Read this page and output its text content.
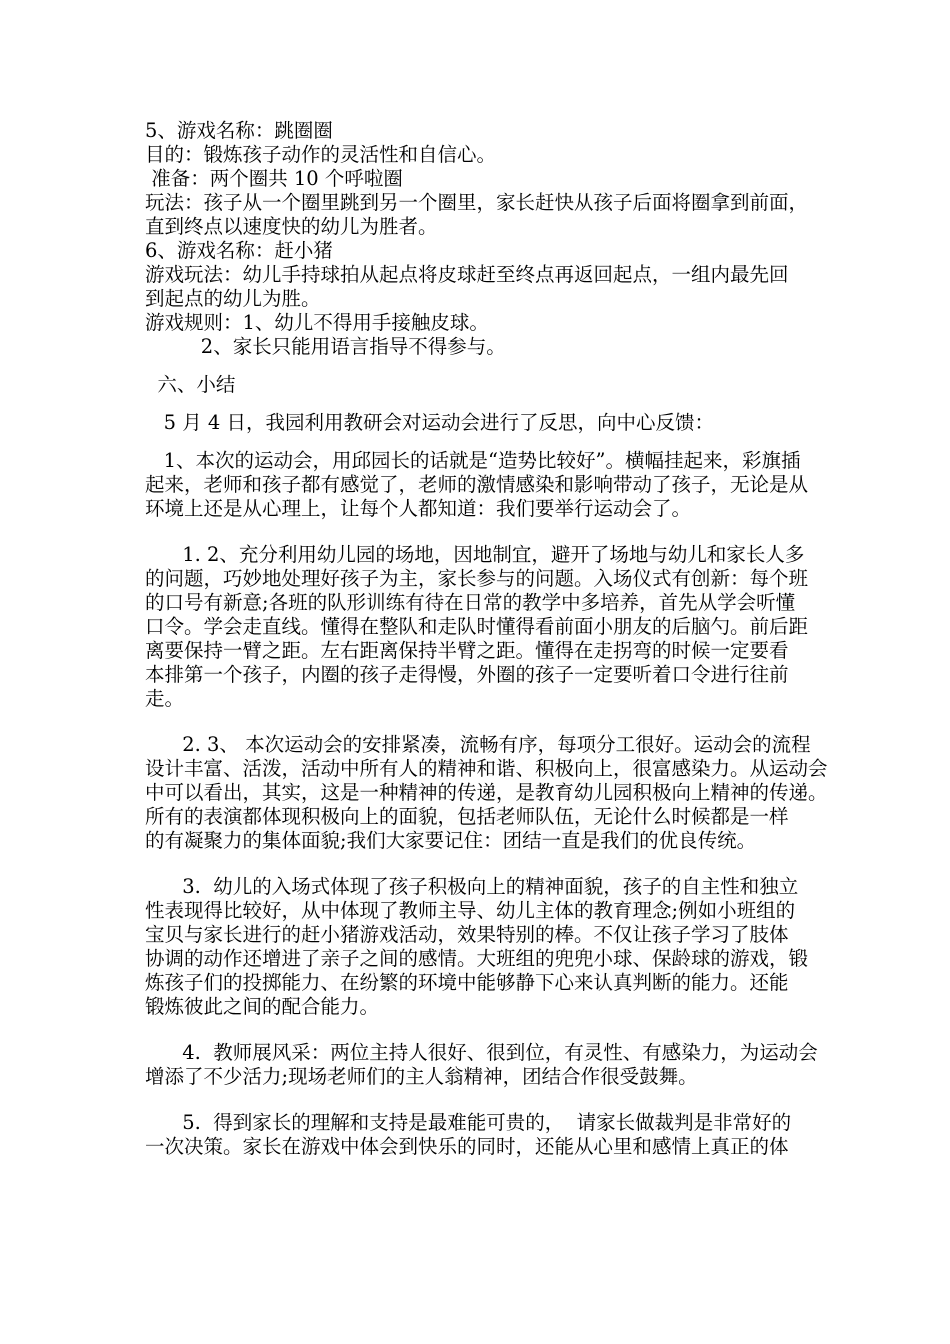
5、游戏名称：跳圈圈
目的：锻炼孩子动作的灵活性和自信心。
准备：两个圈共 10 个呼啦圈
玩法：孩子从一个圈里跳到另一个圈里，家长赶快从孩子后面将圈拿到前面，
直到终点以速度快的幼儿为胜者。
6、游戏名称：赶小猪
游戏玩法：幼儿手持球拍从起点将皮球赶至终点再返回起点，一组内最先回
到起点的幼儿为胜。
游戏规则：1、幼儿不得用手接触皮球。
2、家长只能用语言指导不得参与。
六、小结
5 月 4 日，我园利用教研会对运动会进行了反思，向中心反馈：
1、本次的运动会，用邱园长的话就是“造势比较好”。横幅挂起来，彩旗插
起来，老师和孩子都有感觉了，老师的激情感染和影响带动了孩子，无论是从
环境上还是从心理上，让每个人都知道：我们要举行运动会了。
1. 2、充分利用幼儿园的场地，因地制宜，避开了场地与幼儿和家长人多
的问题，巧妙地处理好孩子为主，家长参与的问题。入场仪式有创新：每个班
的口号有新意;各班的队形训练有待在日常的教学中多培养，首先从学会听懂
口令。学会走直线。懂得在整队和走队时懂得看前面小朋友的后脑勺。前后距
离要保持一臂之距。左右距离保持半臂之距。懂得在走拐弯的时候一定要看
本排第一个孩子，内圈的孩子走得慢，外圈的孩子一定要听着口令进行往前
走。
2. 3、 本次运动会的安排紧凑，流畅有序，每项分工很好。运动会的流程
设计丰富、活泼，活动中所有人的精神和谐、积极向上，很富感染力。从运动会
中可以看出，其实，这是一种精神的传递，是教育幼儿园积极向上精神的传递。
所有的表演都体现积极向上的面貌，包括老师队伍，无论什么时候都是一样
的有凝聚力的集体面貌;我们大家要记住：团结一直是我们的优良传统。
3.  幼儿的入场式体现了孩子积极向上的精神面貌，孩子的自主性和独立
性表现得比较好，从中体现了教师主导、幼儿主体的教育理念;例如小班组的
宝贝与家长进行的赶小猪游戏活动，效果特别的棒。不仅让孩子学习了肢体
协调的动作还增进了亲子之间的感情。大班组的兜兜小球、保龄球的游戏，锻
炼孩子们的投掷能力、在纷繁的环境中能够静下心来认真判断的能力。还能
锻炼彼此之间的配合能力。
4.  教师展风采：两位主持人很好、很到位，有灵性、有感染力，为运动会
增添了不少活力;现场老师们的主人翁精神，团结合作很受鼓舞。
5.  得到家长的理解和支持是最难能可贵的，  请家长做裁判是非常好的
一次决策。家长在游戏中体会到快乐的同时，还能从心里和感情上真正的体
